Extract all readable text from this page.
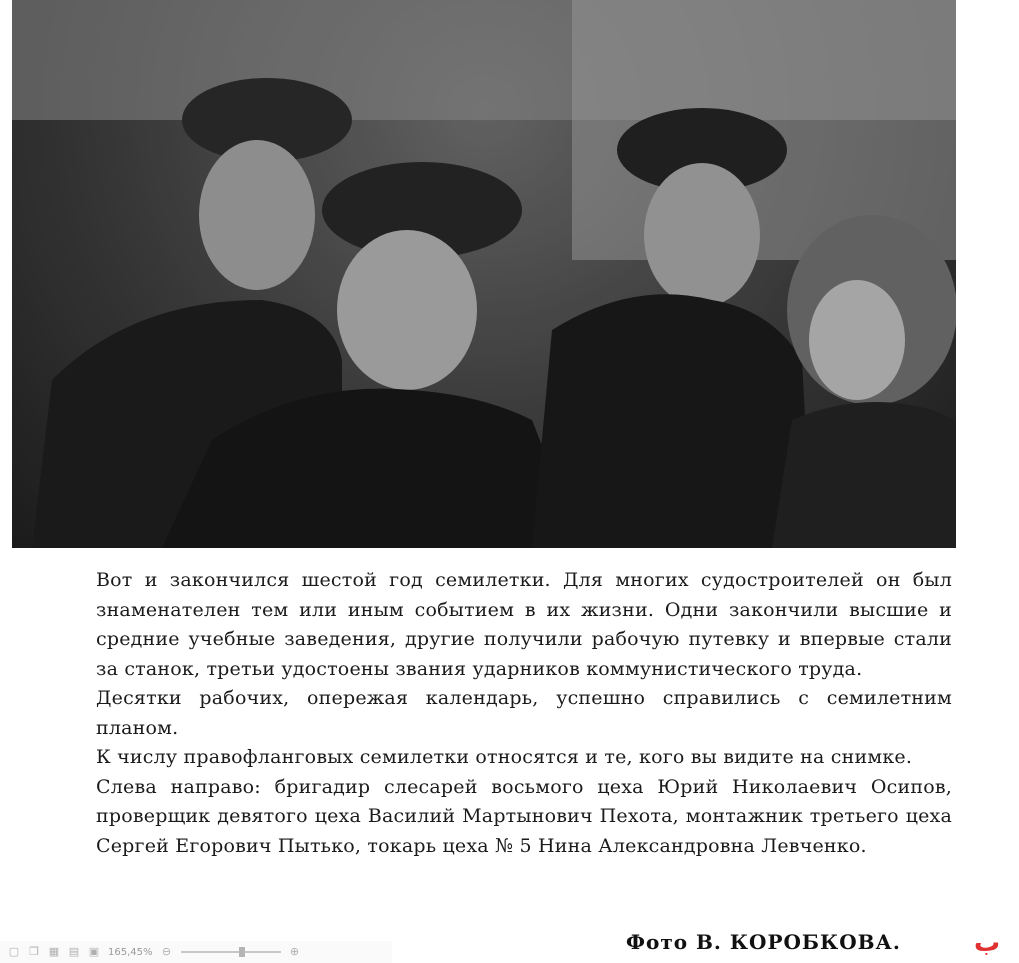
Вот и закончился шестой год семилетки. Для многих судостроителей он был знаменателен тем или иным событием в их жизни. Одни закончили высшие и средние учебные заведения, другие получили рабочую путевку и впервые стали за станок, третьи удостоены звания ударников коммунистического труда.

Десятки рабочих, опережая календарь, успешно справились с семилетним планом.

К числу правофланговых семилетки относятся и те, кого вы видите на снимке.

Слева направо: бригадир слесарей восьмого цеха Юрий Николаевич Осипов, проверщик девятого цеха Василий Мартынович Пехота, монтажник третьего цеха Сергей Егорович Пытько, токарь цеха № 5 Нина Александровна Левченко.

Фото В. КОРОБКОВА.
▢ ❐ ▦ ▤ ▣ 165,45% ⊖	⊕	ب
